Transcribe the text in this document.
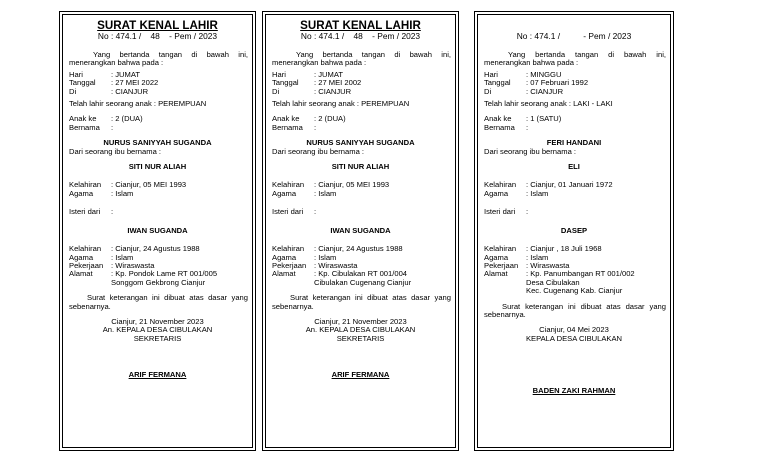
SURAT KENAL LAHIR
No : 474.1 /    48    - Pem / 2023
Yang bertanda tangan di bawah ini, menerangkan bahwa pada :
Hari	: JUMAT
Tanggal	: 27 MEI 2022
Di	: CIANJUR
Telah lahir seorang anak : PEREMPUAN
Anak ke	: 2 (DUA)
Bernama	:
NURUS SANIYYAH SUGANDA
Dari seorang ibu bernama :
SITI NUR ALIAH
Kelahiran	: Cianjur, 05 MEI 1993
Agama	: Islam
Isteri dari	:
IWAN SUGANDA
Kelahiran	: Cianjur, 24 Agustus 1988
Agama	: Islam
Pekerjaan	: Wiraswasta
Alamat	: Kp. Pondok Lame RT 001/005
Songgom Gekbrong Cianjur
Surat keterangan ini dibuat atas dasar yang sebenarnya.
Cianjur, 21 November 2023
An. KEPALA DESA CIBULAKAN
SEKRETARIS
ARIF FERMANA
SURAT KENAL LAHIR
No : 474.1 /    48    - Pem / 2023
Yang bertanda tangan di bawah ini, menerangkan bahwa pada :
Hari	: JUMAT
Tanggal	: 27 MEI 2002
Di	: CIANJUR
Telah lahir seorang anak : PEREMPUAN
Anak ke	: 2 (DUA)
Bernama	:
NURUS SANIYYAH SUGANDA
Dari seorang ibu bernama :
SITI NUR ALIAH
Kelahiran	: Cianjur, 05 MEI 1993
Agama	: Islam
Isteri dari	:
IWAN SUGANDA
Kelahiran	: Cianjur, 24 Agustus 1988
Agama	: Islam
Pekerjaan	: Wiraswasta
Alamat	: Kp. Cibulakan RT 001/004
Cibulakan Cugenang Cianjur
Surat keterangan ini dibuat atas dasar yang sebenarnya.
Cianjur, 21 November 2023
An. KEPALA DESA CIBULAKAN
SEKRETARIS
ARIF FERMANA
No : 474.1 /          - Pem / 2023
Yang bertanda tangan di bawah ini, menerangkan bahwa pada :
Hari	: MINGGU
Tanggal	: 07 Februari 1992
Di	: CIANJUR
Telah lahir seorang anak : LAKI - LAKI
Anak ke	: 1 (SATU)
Bernama	:
FERI HANDANI
Dari seorang ibu bernama :
ELI
Kelahiran	: Cianjur, 01 Januari 1972
Agama	: Islam
Isteri dari	:
DASEP
Kelahiran	: Cianjur , 18 Juli 1968
Agama	: Islam
Pekerjaan	: Wiraswasta
Alamat	: Kp. Panumbangan RT 001/002
Desa Cibulakan
Kec. Cugenang Kab. Cianjur
Surat keterangan ini dibuat atas dasar yang sebenarnya.
Cianjur, 04 Mei 2023
KEPALA DESA CIBULAKAN
BADEN ZAKI RAHMAN
